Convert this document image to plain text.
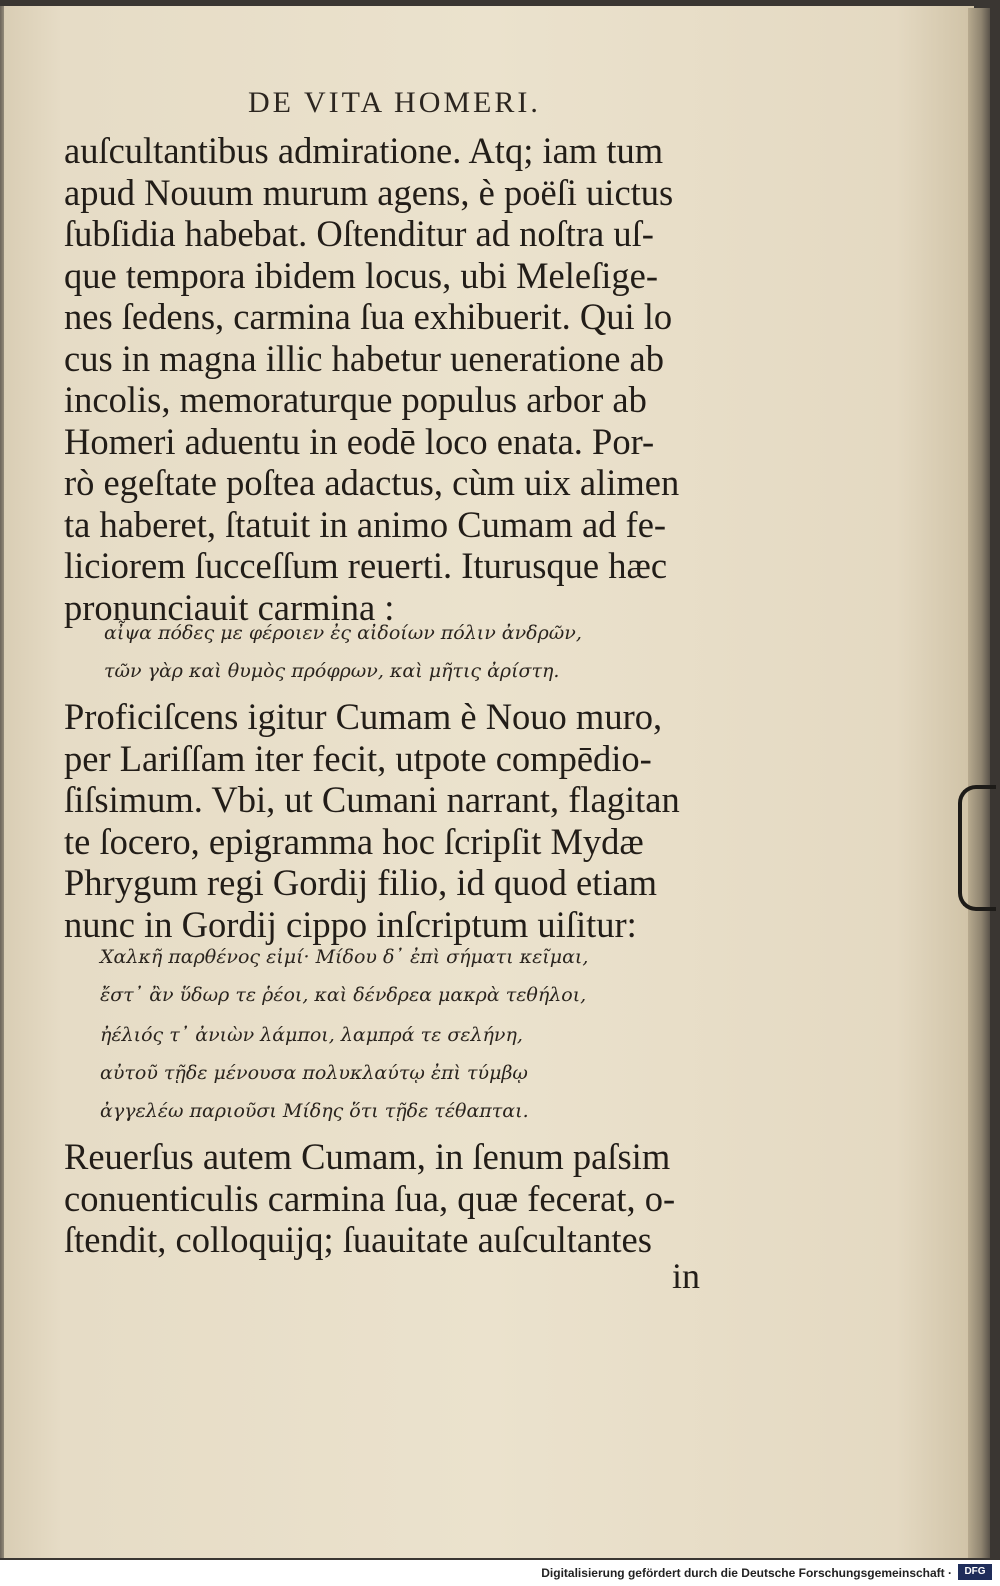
DE VITA HOMERI.
auſcultantibus admiratione. Atq; iam tum
apud Nouum murum agens, è poëſi uictus
ſubſidia habebat. Oſtenditur ad noſtra uſ-
que tempora ibidem locus, ubi Meleſige-
nes ſedens, carmina ſua exhibuerit. Qui lo
cus in magna illic habetur ueneratione ab
incolis, memoraturque populus arbor ab
Homeri aduentu in eodē loco enata. Por-
rò egeſtate poſtea adactus, cùm uix alimen
ta haberet, ſtatuit in animo Cumam ad fe-
liciorem ſucceſſum reuerti. Iturusque hæc
pronunciauit carmina :
αἶψα πόδες με φέροιεν ἐς αἰδοίων πόλιν ἀνδρῶν,
τῶν γὰρ καὶ θυμὸς πρόφρων, καὶ μῆτις ἀρίστη.
Proficiſcens igitur Cumam è Nouo muro,
per Lariſſam iter fecit, utpote compēdio-
ſiſsimum. Vbi, ut Cumani narrant, flagitan
te ſocero, epigramma hoc ſcripſit Mydæ
Phrygum regi Gordij filio, id quod etiam
nunc in Gordij cippo inſcriptum uiſitur:
Χαλκῆ παρθένος εἰμί· Μίδου δ᾽ ἐπὶ σήματι κεῖμαι,
ἔστ᾽ ἂν ὕδωρ τε ῥέοι, καὶ δένδρεα μακρὰ τεθήλοι,
ἠέλιός τ᾽ ἀνιὼν λάμποι, λαμπρά τε σελήνη,
αὐτοῦ τῇδε μένουσα πολυκλαύτῳ ἐπὶ τύμβῳ
ἀγγελέω παριοῦσι Μίδης ὅτι τῇδε τέθαπται.
Reuerſus autem Cumam, in ſenum paſsim
conuenticulis carmina ſua, quæ fecerat, o-
ſtendit, colloquijq; ſuauitate auſcultantes
in
Digitalisierung gefördert durch die Deutsche Forschungsgemeinschaft ·	DFG
